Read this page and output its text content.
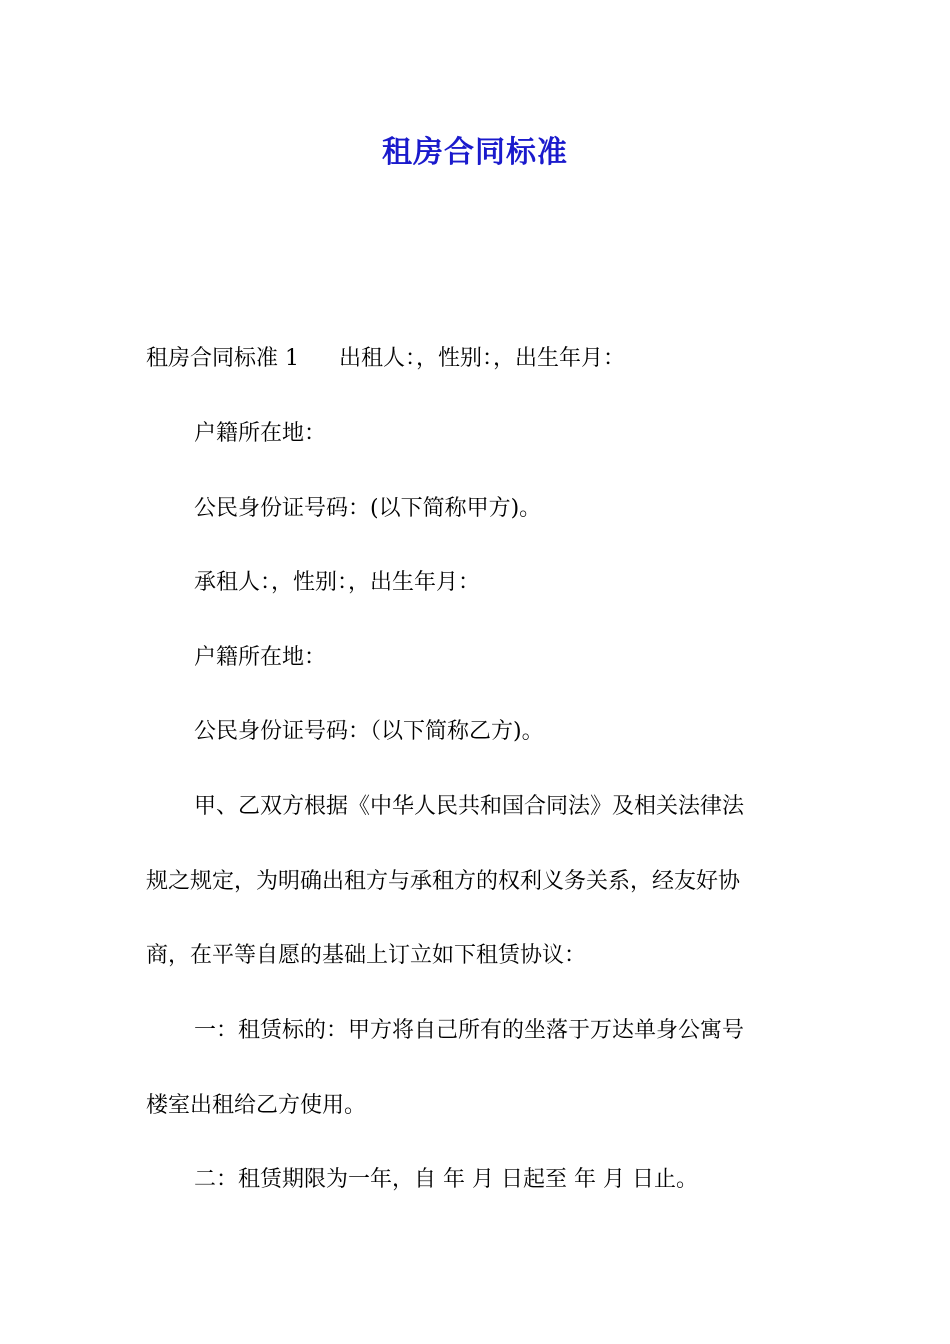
租房合同标准
租房合同标准 1 出租人：，性别：，出生年月：
户籍所在地：
公民身份证号码：(以下简称甲方)。
承租人：，性别：，出生年月：
户籍所在地：
公民身份证号码：（以下简称乙方)。
甲、乙双方根据《中华人民共和国合同法》及相关法律法
规之规定，为明确出租方与承租方的权利义务关系，经友好协
商，在平等自愿的基础上订立如下租赁协议：
一：租赁标的：甲方将自己所有的坐落于万达单身公寓号
楼室出租给乙方使用。
二：租赁期限为一年，自 年 月 日起至 年 月 日止。
